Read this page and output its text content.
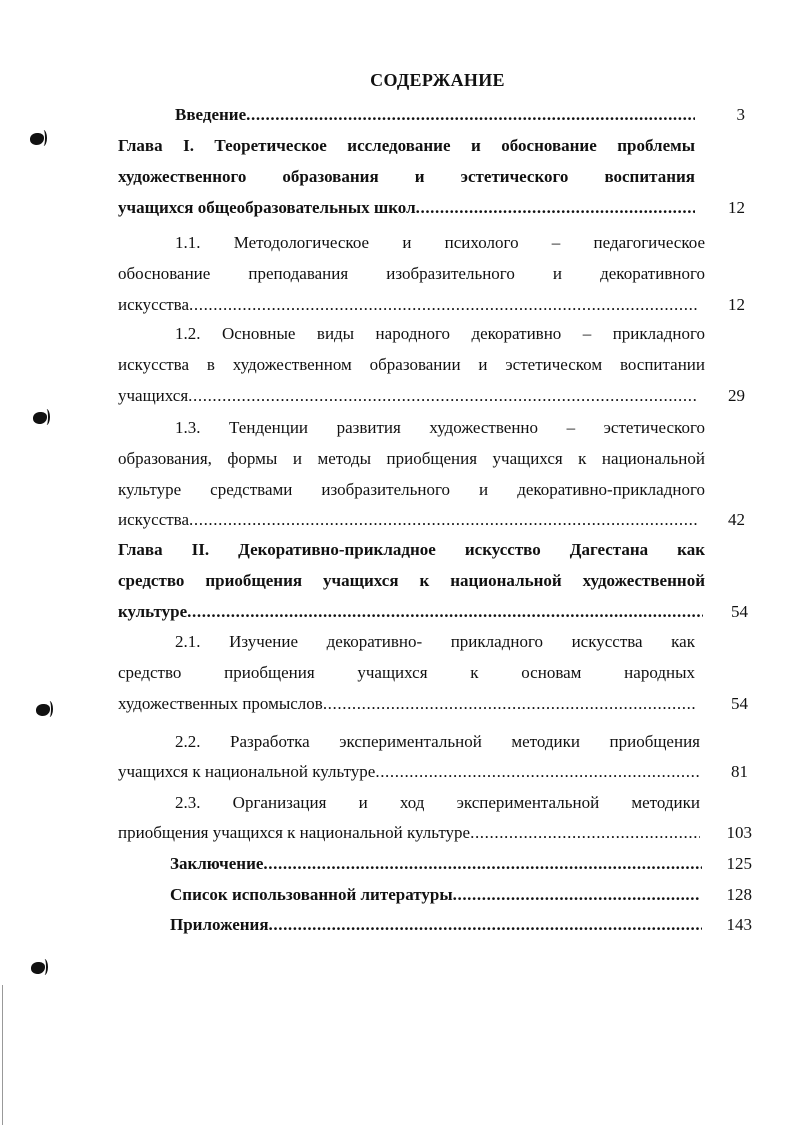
СОДЕРЖАНИЕ
Введение .....	3
Глава I. Теоретическое исследование и обоснование проблемы
художественного образования и эстетического воспитания
учащихся общеобразовательных школ .....	12
1.1. Методологическое и психолого – педагогическое
обоснование преподавания изобразительного и декоративного
искусства .....	12
1.2. Основные виды народного декоративно – прикладного
искусства в художественном образовании и эстетическом воспитании
учащихся .....	29
1.3. Тенденции развития художественно – эстетического
образования, формы и методы приобщения учащихся к национальной
культуре средствами изобразительного и декоративно-прикладного
искусства .....	42
Глава II. Декоративно-прикладное искусство Дагестана как
средство приобщения учащихся к национальной художественной
культуре .....	54
2.1. Изучение декоративно- прикладного искусства как
средство приобщения учащихся к основам народных
художественных промыслов .....	54
2.2. Разработка экспериментальной методики приобщения
учащихся к национальной культуре .....	81
2.3. Организация и ход экспериментальной методики
приобщения учащихся к национальной культуре .....	103
Заключение .....	125
Список использованной литературы .....	128
Приложения .....	143
